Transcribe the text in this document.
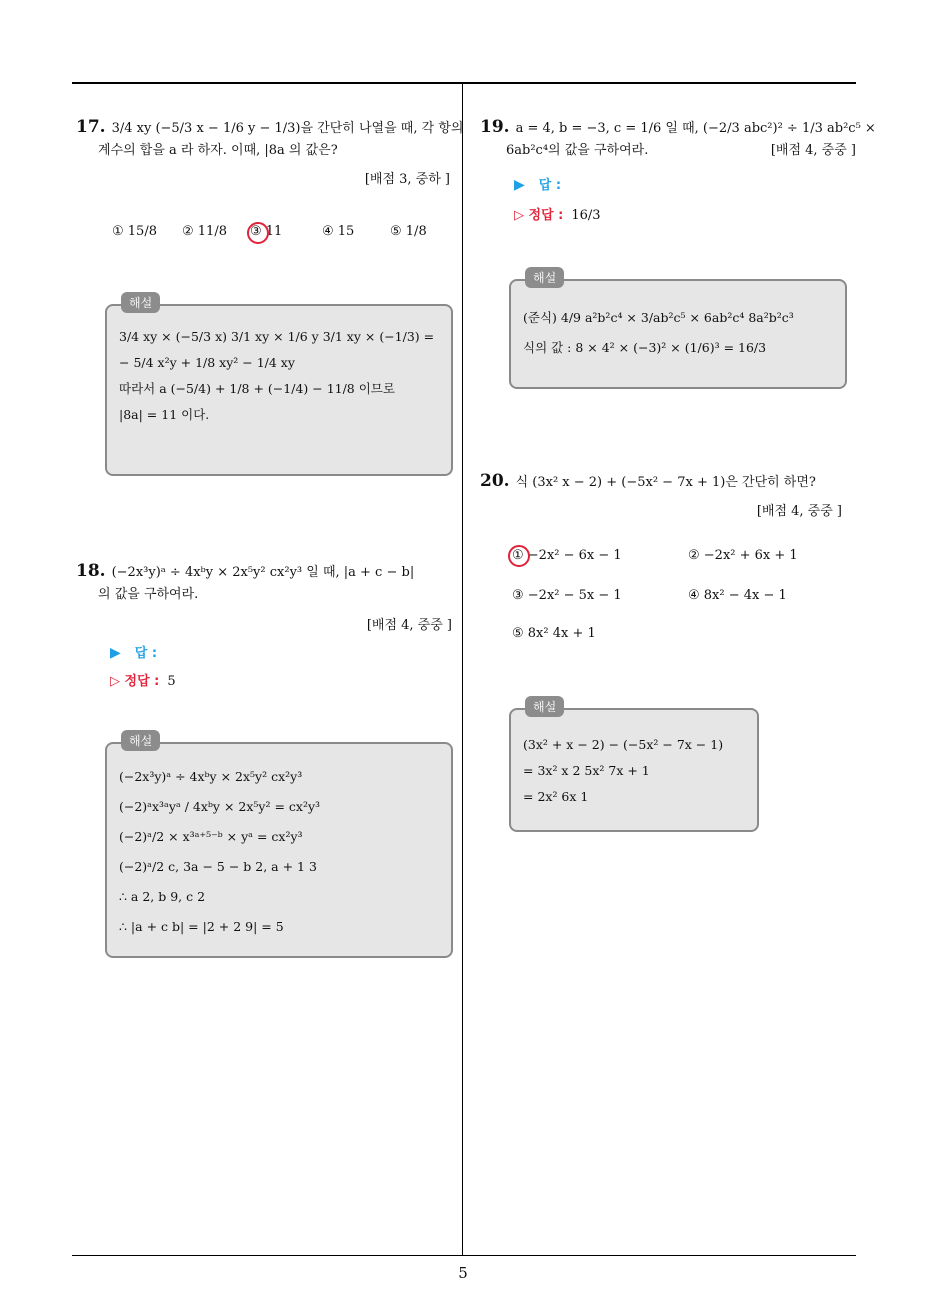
5
17. 3/4 xy (−5/3 x − 1/6 y − 1/3)을 간단히 나열을 때, 각 항의
계수의 합을 a 라 하자. 이때, |8a 의 값은?
[배점 3, 중하 ]
① 15/8 ② 11/8 ③ 11	④ 15	⑤ 1/8
해설
3/4 xy × (−5/3 x) 3/1 xy × 1/6 y 3/1 xy × (−1/3) =
− 5/4 x²y + 1/8 xy² − 1/4 xy
따라서 a (−5/4) + 1/8 + (−1/4) − 11/8 이므로
|8a| = 11 이다.
18. (−2x³y)ᵃ ÷ 4xᵇy × 2x⁵y² cx²y³ 일 때, |a + c − b|
의 값을 구하여라.
[배점 4, 중중 ]
▶ 답 :
▷ 정답 : 5
해설
(−2x³y)ᵃ ÷ 4xᵇy × 2x⁵y² cx²y³
(−2)ᵃx³ᵃyᵃ / 4xᵇy × 2x⁵y² = cx²y³
(−2)ᵃ/2 × x³ᵃ⁺⁵⁻ᵇ × yᵃ = cx²y³
(−2)ᵃ/2 c, 3a − 5 − b 2, a + 1 3
∴ a 2, b 9, c 2
∴ |a + c b| = |2 + 2 9| = 5
19. a = 4, b = −3, c = 1/6 일 때, (−2/3 abc²)² ÷ 1/3 ab²c⁵ ×
6ab²c⁴의 값을 구하여라.	[배점 4, 중중 ]
▶ 답 :
▷ 정답 : 16/3
해설
(준식) 4/9 a²b²c⁴ × 3/ab²c⁵ × 6ab²c⁴ 8a²b²c³
식의 값 : 8 × 4² × (−3)² × (1/6)³ = 16/3
20. 식 (3x² x − 2) + (−5x² − 7x + 1)은 간단히 하면?
[배점 4, 중중 ]
① −2x² − 6x − 1	② −2x² + 6x + 1
③ −2x² − 5x − 1	④ 8x² − 4x − 1
⑤ 8x² 4x + 1
해설
(3x² + x − 2) − (−5x² − 7x − 1)
= 3x² x 2 5x² 7x + 1
= 2x² 6x 1
